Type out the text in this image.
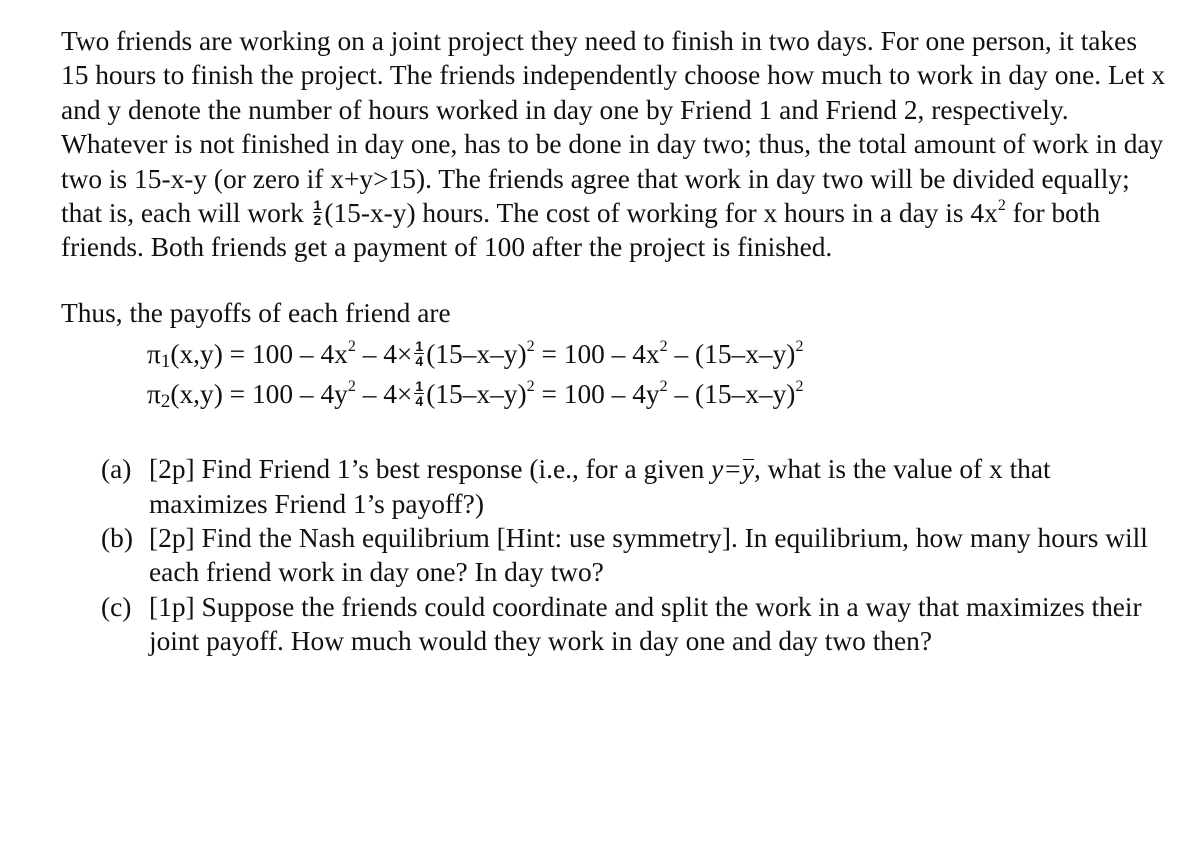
Two friends are working on a joint project they need to finish in two days. For one person, it takes 15 hours to finish the project. The friends independently choose how much to work in day one. Let x and y denote the number of hours worked in day one by Friend 1 and Friend 2, respectively. Whatever is not finished in day one, has to be done in day two; thus, the total amount of work in day two is 15-x-y (or zero if x+y>15). The friends agree that work in day two will be divided equally; that is, each will work $\frac{1}{2} (15-x-y)$ hours. The cost of working for x hours in a day is $4x^2$ for both friends. Both friends get a payment of 100 after the project is finished.

Thus, the payoffs of each friend are

$\pi 1(x,y) = 100 - 4x^2 - 4\times \frac{1}{4} (15-x-y)^2 = 100 - 4x^2 - (15-x-y)^2$
$\pi 2(x,y) = 100 - 4y^2 - 4\times \frac{1}{4} (15-x-y)^2 = 100 - 4y^2 - (15-x-y)^2$
(a) [2p] Find Friend 1’s best response (i.e., for a given y=y, what is the value of x that maximizes Friend 1’s payoff?)
(b) [2p] Find the Nash equilibrium [Hint: use symmetry]. In equilibrium, how many hours will each friend work in day one? In day two?
(c) [1p] Suppose the friends could coordinate and split the work in a way that maximizes their joint payoff. How much would they work in day one and day two then?
